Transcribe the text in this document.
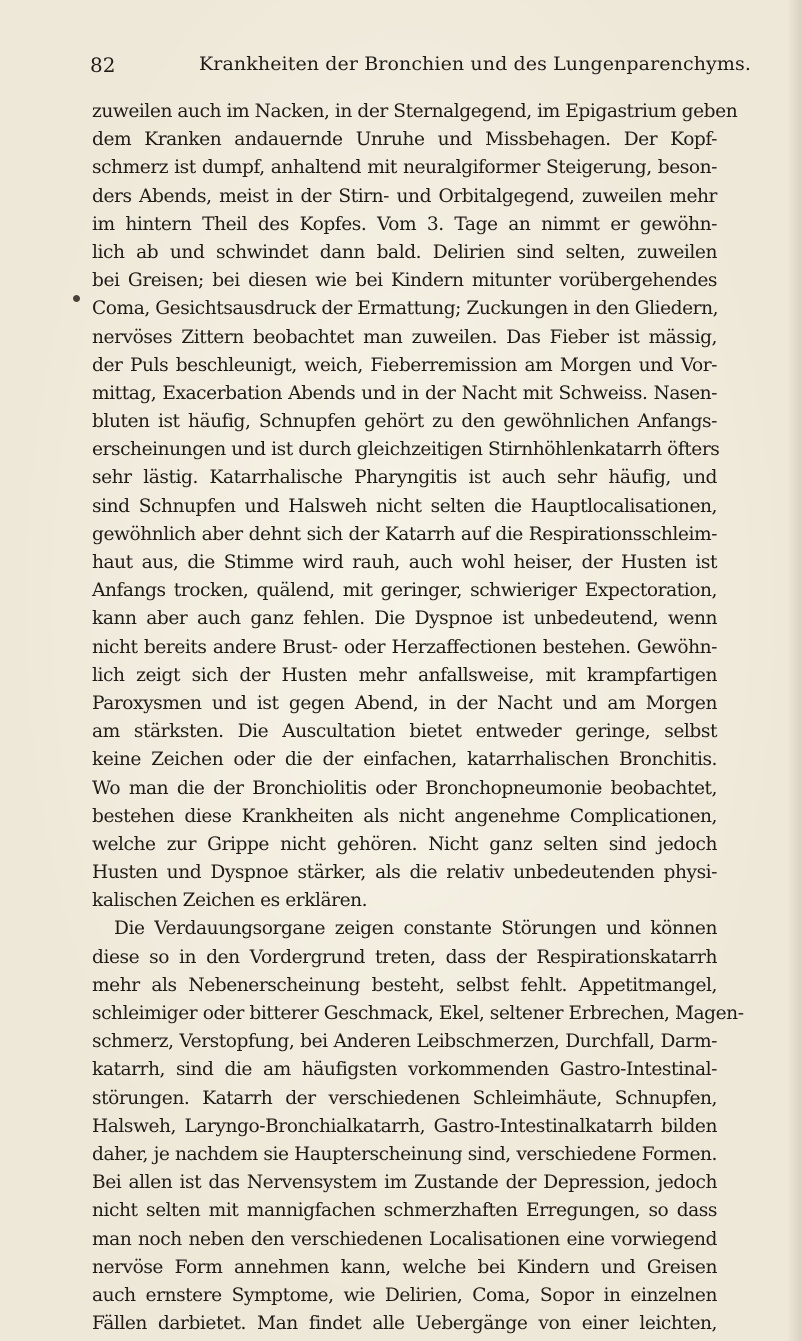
82	Krankheiten der Bronchien und des Lungenparenchyms.
zuweilen auch im Nacken, in der Sternalgegend, im Epigastrium geben
dem Kranken andauernde Unruhe und Missbehagen. Der Kopf-
schmerz ist dumpf, anhaltend mit neuralgiformer Steigerung, beson-
ders Abends, meist in der Stirn- und Orbitalgegend, zuweilen mehr
im hintern Theil des Kopfes. Vom 3. Tage an nimmt er gewöhn-
lich ab und schwindet dann bald. Delirien sind selten, zuweilen
bei Greisen; bei diesen wie bei Kindern mitunter vorübergehendes
Coma, Gesichtsausdruck der Ermattung; Zuckungen in den Gliedern,
nervöses Zittern beobachtet man zuweilen. Das Fieber ist mässig,
der Puls beschleunigt, weich, Fieberremission am Morgen und Vor-
mittag, Exacerbation Abends und in der Nacht mit Schweiss. Nasen-
bluten ist häufig, Schnupfen gehört zu den gewöhnlichen Anfangs-
erscheinungen und ist durch gleichzeitigen Stirnhöhlenkatarrh öfters
sehr lästig. Katarrhalische Pharyngitis ist auch sehr häufig, und
sind Schnupfen und Halsweh nicht selten die Hauptlocalisationen,
gewöhnlich aber dehnt sich der Katarrh auf die Respirationsschleim-
haut aus, die Stimme wird rauh, auch wohl heiser, der Husten ist
Anfangs trocken, quälend, mit geringer, schwieriger Expectoration,
kann aber auch ganz fehlen. Die Dyspnoe ist unbedeutend, wenn
nicht bereits andere Brust- oder Herzaffectionen bestehen. Gewöhn-
lich zeigt sich der Husten mehr anfallsweise, mit krampfartigen
Paroxysmen und ist gegen Abend, in der Nacht und am Morgen
am stärksten. Die Auscultation bietet entweder geringe, selbst
keine Zeichen oder die der einfachen, katarrhalischen Bronchitis.
Wo man die der Bronchiolitis oder Bronchopneumonie beobachtet,
bestehen diese Krankheiten als nicht angenehme Complicationen,
welche zur Grippe nicht gehören. Nicht ganz selten sind jedoch
Husten und Dyspnoe stärker, als die relativ unbedeutenden physi-
kalischen Zeichen es erklären.
Die Verdauungsorgane zeigen constante Störungen und können
diese so in den Vordergrund treten, dass der Respirationskatarrh
mehr als Nebenerscheinung besteht, selbst fehlt. Appetitmangel,
schleimiger oder bitterer Geschmack, Ekel, seltener Erbrechen, Magen-
schmerz, Verstopfung, bei Anderen Leibschmerzen, Durchfall, Darm-
katarrh, sind die am häufigsten vorkommenden Gastro-Intestinal-
störungen. Katarrh der verschiedenen Schleimhäute, Schnupfen,
Halsweh, Laryngo-Bronchialkatarrh, Gastro-Intestinalkatarrh bilden
daher, je nachdem sie Haupterscheinung sind, verschiedene Formen.
Bei allen ist das Nervensystem im Zustande der Depression, jedoch
nicht selten mit mannigfachen schmerzhaften Erregungen, so dass
man noch neben den verschiedenen Localisationen eine vorwiegend
nervöse Form annehmen kann, welche bei Kindern und Greisen
auch ernstere Symptome, wie Delirien, Coma, Sopor in einzelnen
Fällen darbietet. Man findet alle Uebergänge von einer leichten,
